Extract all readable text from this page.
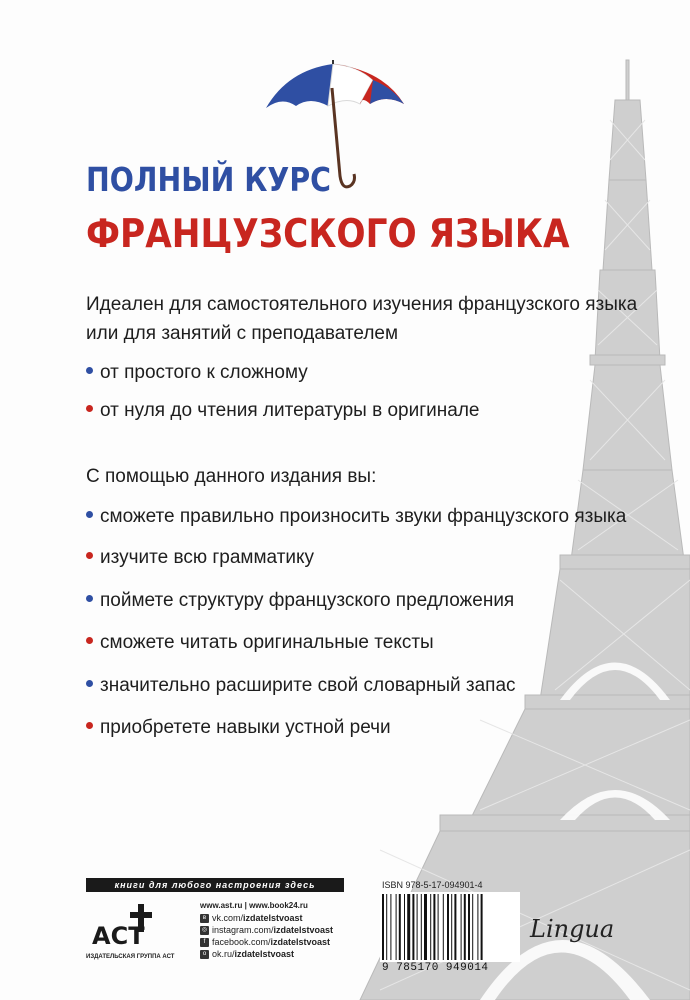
ПОЛНЫЙ КУРС
ФРАНЦУЗСКОГО ЯЗЫКА
Идеален для самостоятельного изучения французского языка
или для занятий с преподавателем
от простого к сложному
от нуля до чтения литературы в оригинале
С помощью данного издания вы:
сможете правильно произносить звуки французского языка
изучите всю грамматику
поймете структуру французского предложения
сможете читать оригинальные тексты
значительно расширите свой словарный запас
приобретете навыки устной речи
книги для любого настроения здесь
АСТ
ИЗДАТЕЛЬСКАЯ ГРУППА АСТ
www.ast.ru | www.book24.ru
в vk.com/izdatelstvoast
◎ instagram.com/izdatelstvoast
f facebook.com/izdatelstvoast
о ok.ru/izdatelstvoast
ISBN 978-5-17-094901-4
9 785170 949014
Lingua
